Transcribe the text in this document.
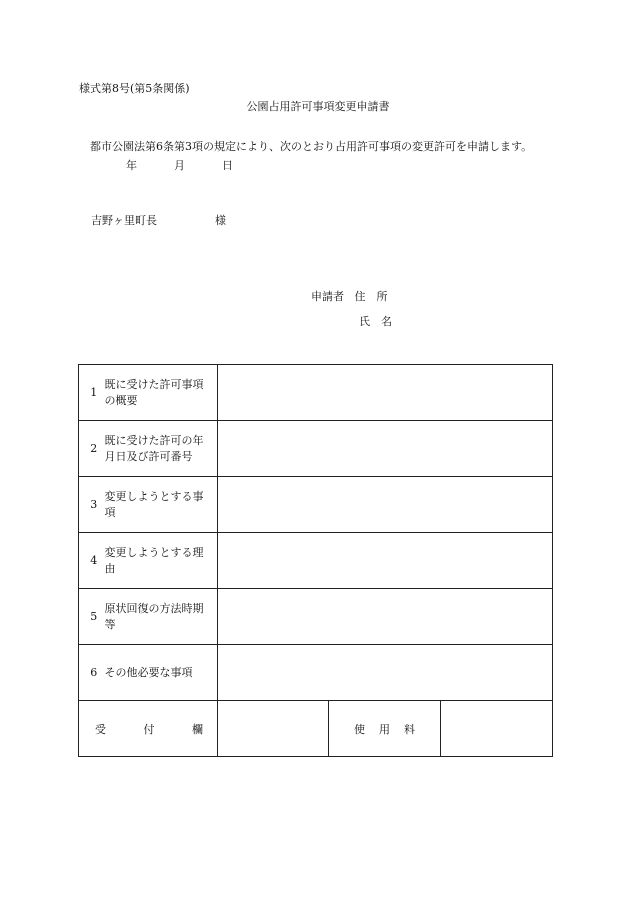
様式第8号(第5条関係)
公園占用許可事項変更申請書
都市公園法第6条第3項の規定により、次のとおり占用許可事項の変更許可を申請します。
年	月	日
吉野ヶ里町長	様
申請者 住　所
氏　名
1	既に受けた許可事項の概要			
2	既に受けた許可の年月日及び許可番号			
3	変更しようとする事項			
4	変更しようとする理由			
5	原状回復の方法時期等			
6	その他必要な事項			

受 付 欄			使 用 料	
